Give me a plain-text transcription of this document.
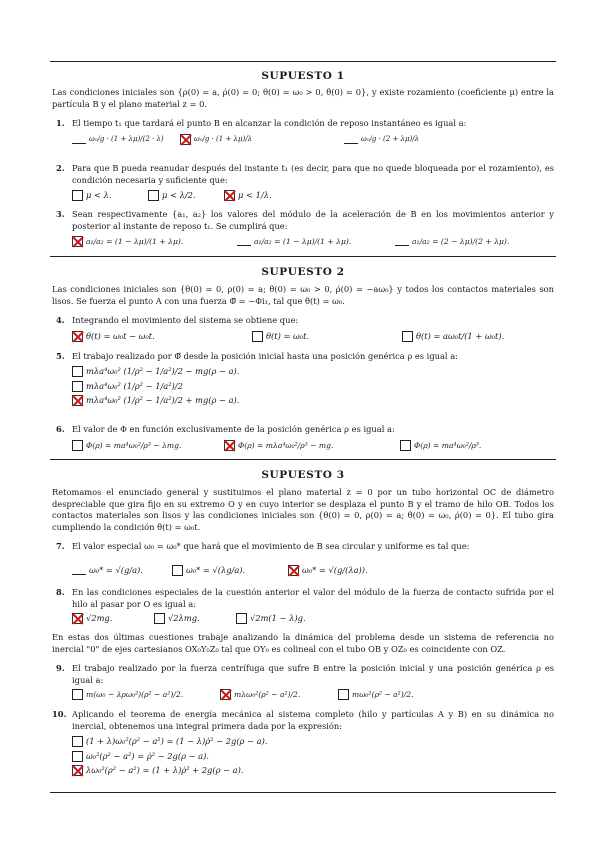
SUPUESTO 1
Las condiciones iniciales son {ρ(0) = a, ρ̇(0) = 0; θ(0) = ω₀ > 0, θ̇(0) = 0}, y existe rozamiento (coeficiente μ) entre la partícula B y el plano material z = 0.
1. El tiempo t₁ que tardará el punto B en alcanzar la condición de reposo instantáneo es igual a:
ω₀/g · (1 + λμ)/(2 · λ)	ω₀/g · (1 + λμ)/λ	ω₀/g · (2 + λμ)/λ
2. Para que B pueda reanudar después del instante t₁ (es decir, para que no quede bloqueada por el rozamiento), es condición necesaria y suficiente que:
μ < λ.	μ < λ/2.	μ < 1/λ.
3. Sean respectivamente {a₁, a₂} los valores del módulo de la aceleración de B en los movimientos anterior y posterior al instante de reposo t₁. Se cumplirá que:
a₁/a₂ = (1 − λμ)/(1 + λμ).	a₁/a₂ = (1 − λμ)/(1 + λμ).	a₁/a₂ = (2 − λμ)/(2 + λμ).
SUPUESTO 2
Las condiciones iniciales son {θ(0) = 0, ρ(0) = a; θ̇(0) = ω₀ > 0, ρ̇(0) = −aω₀} y todos los contactos materiales son lisos. Se fuerza el punto A con una fuerza Φ⃗ = −Φi₁, tal que θ̇(t) = ω₀.
4. Integrando el movimiento del sistema se obtiene que:
θ(t) = ω₀t − ω₀t.	θ(t) = ω₀t.	θ(t) = aω₀t/(1 + ω₀t).
5. El trabajo realizado por Φ⃗ desde la posición inicial hasta una posición genérica ρ es igual a:
mλa⁴ω₀² (1/ρ² − 1/a²)/2 − mg(ρ − a).
mλa⁴ω₀² (1/ρ² − 1/a²)/2
mλa⁴ω₀² (1/ρ² − 1/a²)/2 + mg(ρ − a).
6. El valor de Φ en función exclusivamente de la posición genérica ρ es igual a:
Φ(ρ) = ma⁴ω₀²/ρ³ − λmg.	Φ(ρ) = mλa⁴ω₀²/ρ³ − mg.	Φ(ρ) = ma⁴ω₀²/ρ³.
SUPUESTO 3
Retomamos el enunciado general y sustituimos el plano material z = 0 por un tubo horizontal OC de diámetro despreciable que gira fijo en su extremo O y en cuyo interior se desplaza el punto B y el tramo de hilo OB. Todos los contactos materiales son lisos y las condiciones iniciales son {θ(0) = 0, ρ(0) = a; θ̇(0) = ω₀, ρ̇(0) = 0}. El tubo gira cumpliendo la condición θ̇(t) = ω₀t.
7. El valor especial ω₀ = ω₀* que hará que el movimiento de B sea circular y uniforme es tal que:
ω₀* = √(g/a).	ω₀* = √(λg/a).	ω₀* = √(g/(λa)).
8. En las condiciones especiales de la cuestión anterior el valor del módulo de la fuerza de contacto sufrida por el hilo al pasar por O es igual a:
√2mg.	√2λmg.	√2m(1 − λ)g.
En estas dos últimas cuestiones trabaje analizando la dinámica del problema desde un sistema de referencia no inercial "0" de ejes cartesianos OX₀Y₀Z₀ tal que OY₀ es colineal con el tubo OB y OZ₀ es coincidente con OZ.
9. El trabajo realizado por la fuerza centrífuga que sufre B entre la posición inicial y una posición genérica ρ es igual a:
m(ω₀ − λρω₀²)(ρ² − a²)/2.	mλω₀²(ρ² − a²)/2.	mω₀²(ρ² − a²)/2.
10. Aplicando el teorema de energía mecánica al sistema completo (hilo y partículas A y B) en su dinámica no inercial, obtenemos una integral primera dada por la expresión:
(1 + λ)ω₀²(ρ² − a²) = (1 − λ)ρ̇² − 2g(ρ − a).
ω₀²(ρ² − a²) = ρ̇² − 2g(ρ − a).
λω₀²(ρ² − a²) = (1 + λ)ρ̇² + 2g(ρ − a).
